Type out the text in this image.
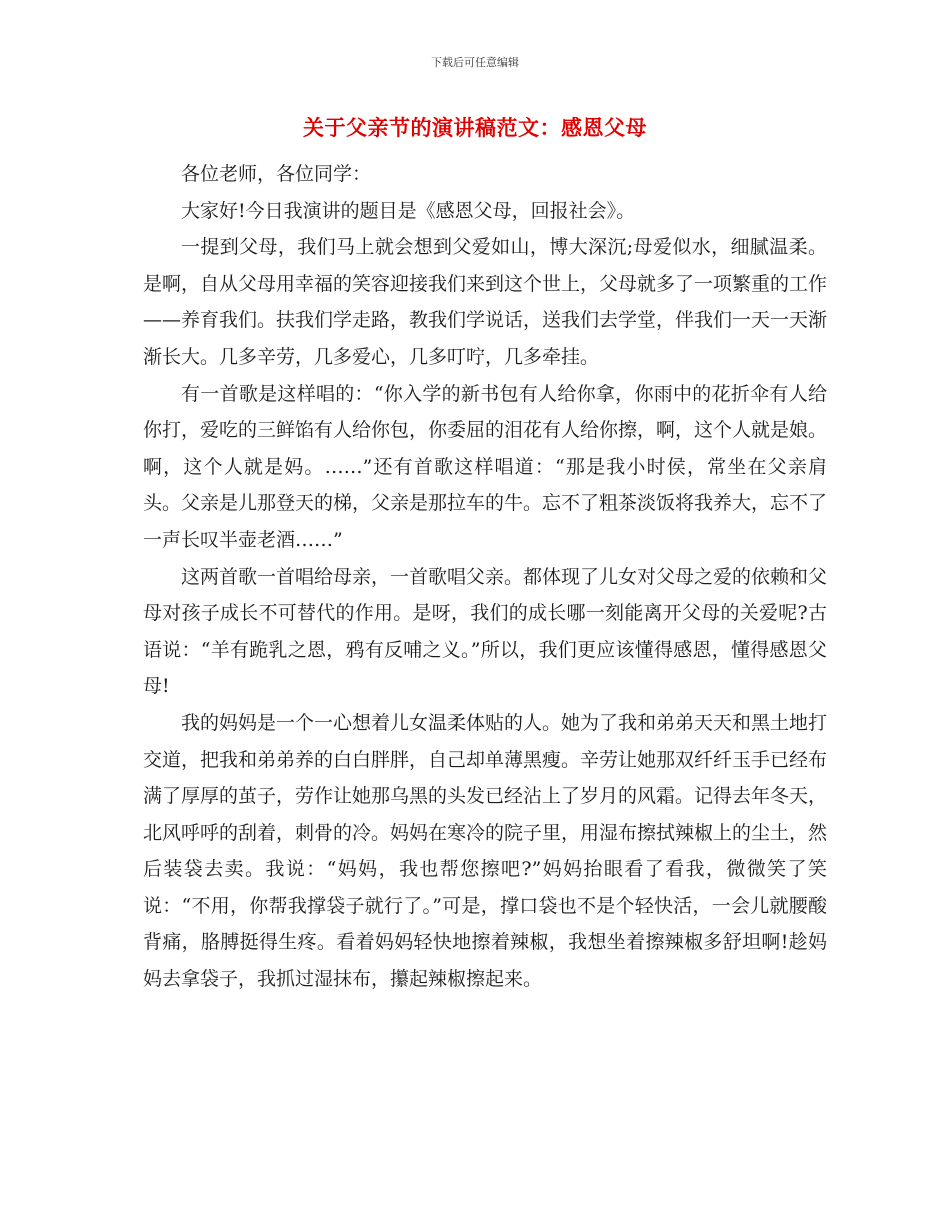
下载后可任意编辑
关于父亲节的演讲稿范文：感恩父母

各位老师，各位同学：

大家好!今日我演讲的题目是《感恩父母，回报社会》。

一提到父母，我们马上就会想到父爱如山，博大深沉;母爱似水，细腻温柔。是啊，自从父母用幸福的笑容迎接我们来到这个世上，父母就多了一项繁重的工作——养育我们。扶我们学走路，教我们学说话，送我们去学堂，伴我们一天一天渐渐长大。几多辛劳，几多爱心，几多叮咛，几多牵挂。

有一首歌是这样唱的：“你入学的新书包有人给你拿，你雨中的花折伞有人给你打，爱吃的三鲜馅有人给你包，你委屈的泪花有人给你擦，啊，这个人就是娘。啊，这个人就是妈。……”还有首歌这样唱道：“那是我小时侯，常坐在父亲肩头。父亲是儿那登天的梯，父亲是那拉车的牛。忘不了粗茶淡饭将我养大，忘不了一声长叹半壶老酒……”

这两首歌一首唱给母亲，一首歌唱父亲。都体现了儿女对父母之爱的依赖和父母对孩子成长不可替代的作用。是呀，我们的成长哪一刻能离开父母的关爱呢?古语说：“羊有跪乳之恩，鸦有反哺之义。”所以，我们更应该懂得感恩，懂得感恩父母!

我的妈妈是一个一心想着儿女温柔体贴的人。她为了我和弟弟天天和黑土地打交道，把我和弟弟养的白白胖胖，自己却单薄黑瘦。辛劳让她那双纤纤玉手已经布满了厚厚的茧子，劳作让她那乌黑的头发已经沾上了岁月的风霜。记得去年冬天，北风呼呼的刮着，刺骨的冷。妈妈在寒冷的院子里，用湿布擦拭辣椒上的尘土，然后装袋去卖。我说：“妈妈，我也帮您擦吧?”妈妈抬眼看了看我，微微笑了笑说：“不用，你帮我撑袋子就行了。”可是，撑口袋也不是个轻快活，一会儿就腰酸背痛，胳膊挺得生疼。看着妈妈轻快地擦着辣椒，我想坐着擦辣椒多舒坦啊!趁妈妈去拿袋子，我抓过湿抹布，攥起辣椒擦起来。
